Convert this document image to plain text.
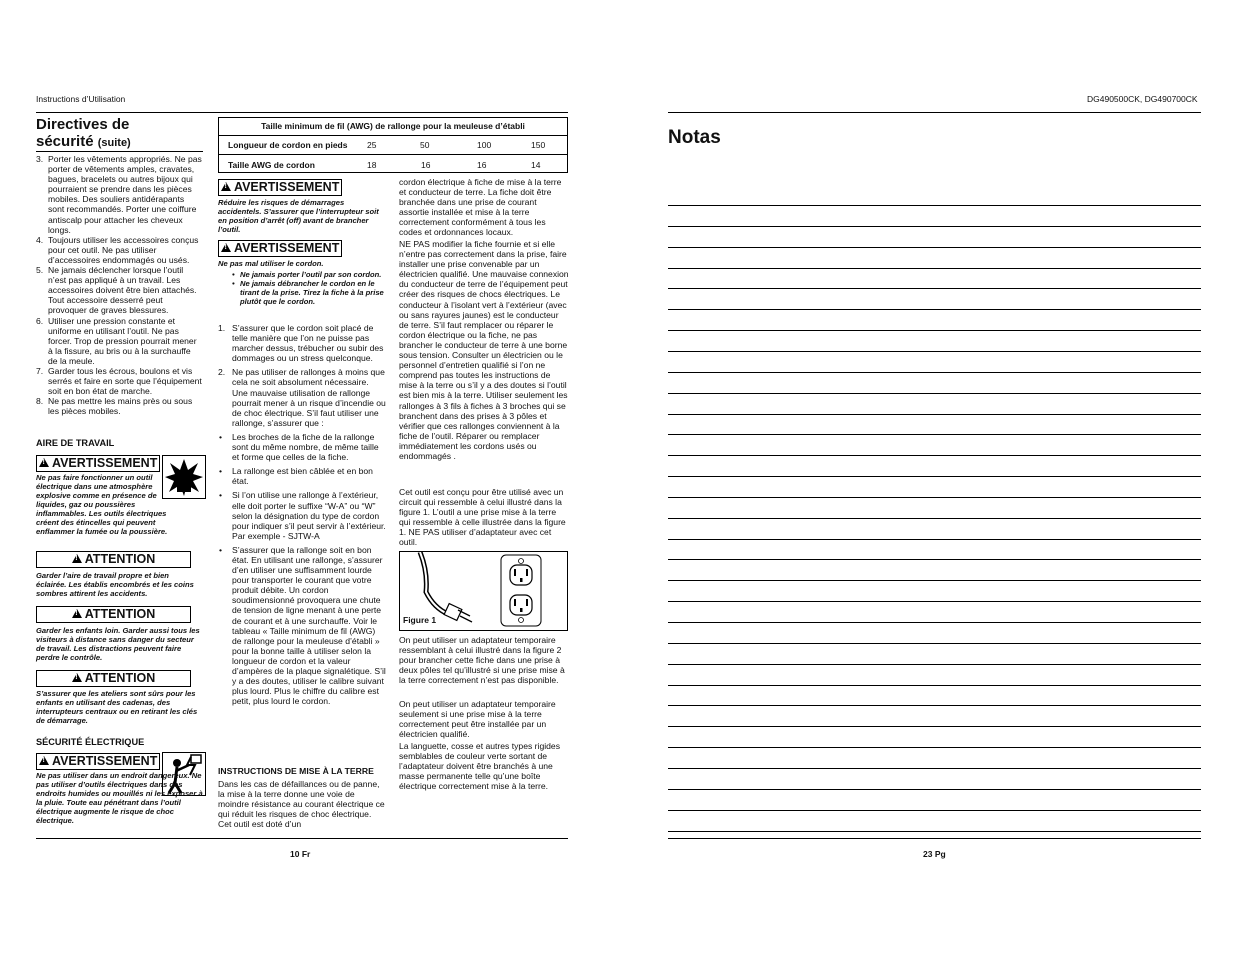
Instructions d’Utilisation	DG490500CK, DG490700CK
Directives de
sécurité (suite)
3. Porter les vêtements appropriés. Ne pas porter de vêtements amples, cravates, bagues, bracelets ou autres bijoux qui pourraient se prendre dans les pièces mobiles. Des souliers antidérapants sont recommandés. Porter une coiffure antiscalp pour attacher les cheveux longs.
4. Toujours utiliser les accessoires conçus pour cet outil. Ne pas utiliser d’accessoires endommagés ou usés.
5. Ne jamais déclencher lorsque l’outil n’est pas appliqué à un travail. Les accessoires doivent être bien attachés. Tout accessoire desserré peut provoquer de graves blessures.
6. Utiliser une pression constante et uniforme en utilisant l’outil. Ne pas forcer. Trop de pression pourrait mener à la fissure, au bris ou à la surchauffe de la meule.
7. Garder tous les écrous, boulons et vis serrés et faire en sorte que l’équipement soit en bon état de marche.
8. Ne pas mettre les mains près ou sous les pièces mobiles.
AIRE DE TRAVAIL
!AVERTISSEMENT
Ne pas faire fonctionner un outil électrique dans une atmosphère explosive comme en présence de liquides, gaz ou poussières inflammables. Les outils électriques créent des étincelles qui peuvent enflammer la fumée ou la poussière.
!ATTENTION
Garder l’aire de travail propre et bien éclairée. Les établis encombrés et les coins sombres attirent les accidents.
!ATTENTION
Garder les enfants loin. Garder aussi tous les visiteurs à distance sans danger du secteur de travail. Les distractions peuvent faire perdre le contrôle.
!ATTENTION
S’assurer que les ateliers sont sûrs pour les enfants en utilisant des cadenas, des interrupteurs centraux ou en retirant les clés de démarrage.
SÉCURITÉ ÉLECTRIQUE
!AVERTISSEMENT
Ne pas utiliser dans un endroit dangereux. Ne pas utiliser d’outils électriques dans des endroits humides ou mouillés ni les exposer à la pluie. Toute eau pénétrant dans l’outil électrique augmente le risque de choc électrique.
10 Fr
Taille minimum de fil (AWG) de rallonge pour la meuleuse d’établi
Longueur de cordon en pieds 25	50	100	150
Taille AWG de cordon	18	16	16	14
!AVERTISSEMENT
Réduire les risques de démarrages accidentels. S’assurer que l’interrupteur soit en position d’arrêt (off) avant de brancher l’outil.
!AVERTISSEMENT
Ne pas mal utiliser le cordon.
• Ne jamais porter l’outil par son cordon.
• Ne jamais débrancher le cordon en le tirant de la prise. Tirez la fiche à la prise plutôt que le cordon.
1. S’assurer que le cordon soit placé de telle manière que l’on ne puisse pas marcher dessus, trébucher ou subir des dommages ou un stress quelconque.
2. Ne pas utiliser de rallonges à moins que cela ne soit absolument nécessaire. Une mauvaise utilisation de rallonge pourrait mener à un risque d’incendie ou de choc électrique. S’il faut utiliser une rallonge, s’assurer que :
• Les broches de la fiche de la rallonge sont du même nombre, de même taille et forme que celles de la fiche.
• La rallonge est bien câblée et en bon état.
• Si l’on utilise une rallonge à l’extérieur, elle doit porter le suffixe “W-A” ou “W” selon la désignation du type de cordon pour indiquer s’il peut servir à l’extérieur. Par exemple - SJTW-A
• S’assurer que la rallonge soit en bon état. En utilisant une rallonge, s’assurer d’en utiliser une suffisamment lourde pour transporter le courant que votre produit débite. Un cordon soudimensionné provoquera une chute de tension de ligne menant à une perte de courant et à une surchauffe. Voir le tableau « Taille minimum de fil (AWG) de rallonge pour la meuleuse d’établi » pour la bonne taille à utiliser selon la longueur de cordon et la valeur d’ampères de la plaque signalétique. S’il y a des doutes, utiliser le calibre suivant plus lourd. Plus le chiffre du calibre est petit, plus lourd le cordon.
INSTRUCTIONS DE MISE À LA TERRE
Dans les cas de défaillances ou de panne, la mise à la terre donne une voie de moindre résistance au courant électrique ce qui réduit les risques de choc électrique. Cet outil est doté d’un
cordon électrique à fiche de mise à la terre et conducteur de terre. La fiche doit être branchée dans une prise de courant assortie installée et mise à la terre correctement conformément à tous les codes et ordonnances locaux.
NE PAS modifier la fiche fournie et si elle n’entre pas correctement dans la prise, faire installer une prise convenable par un électricien qualifié. Une mauvaise connexion du conducteur de terre de l’équipement peut créer des risques de chocs électriques. Le conducteur à l’isolant vert à l’extérieur (avec ou sans rayures jaunes) est le conducteur de terre. S’il faut remplacer ou réparer le cordon électrique ou la fiche, ne pas brancher le conducteur de terre à une borne sous tension. Consulter un électricien ou le personnel d’entretien qualifié si l’on ne comprend pas toutes les instructions de mise à la terre ou s’il y a des doutes si l’outil est bien mis à la terre. Utiliser seulement les rallonges à 3 fils à fiches à 3 broches qui se branchent dans des prises à 3 pôles et vérifier que ces rallonges conviennent à la fiche de l’outil. Réparer ou remplacer immédiatement les cordons usés ou endommagés .
Cet outil est conçu pour être utilisé avec un circuit qui ressemble à celui illustré dans la figure 1. L’outil a une prise mise à la terre qui ressemble à celle illustrée dans la figure 1. NE PAS utiliser d’adaptateur avec cet outil.
Figure 1
On peut utiliser un adaptateur temporaire ressemblant à celui illustré dans la figure 2 pour brancher cette fiche dans une prise à deux pôles tel qu’illustré si une prise mise à la terre correctement n’est pas disponible.
On peut utiliser un adaptateur temporaire seulement si une prise mise à la terre correctement peut être installée par un électricien qualifié.
La languette, cosse et autres types rigides semblables de couleur verte sortant de l’adaptateur doivent être branchés à une masse permanente telle qu’une boîte électrique correctement mise à la terre.
Notas
23 Pg
